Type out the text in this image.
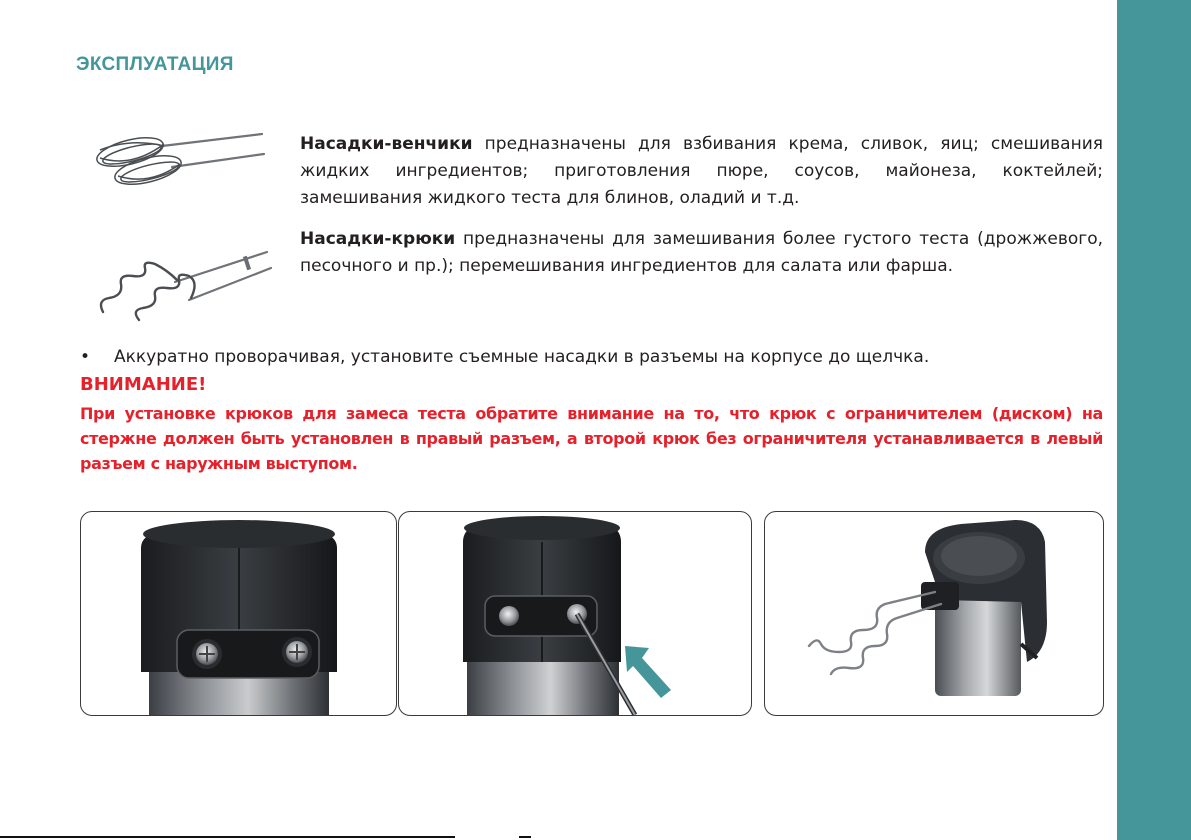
ЭКСПЛУАТАЦИЯ

Насадки-венчики предназначены для взбивания крема, сливок, яиц; смешивания жидких ингредиентов; приготовления пюре, соусов, майонеза, коктейлей; замешивания жидкого теста для блинов, оладий и т.д.

Насадки-крюки предназначены для замешивания более густого теста (дрожжевого, песочного и пр.); перемешивания ингредиентов для салата или фарша.

• Аккуратно проворачивая, установите съемные насадки в разъемы на корпусе до щелчка.

ВНИМАНИЕ!

При установке крюков для замеса теста обратите внимание на то, что крюк с ограничителем (диском) на стержне должен быть установлен в правый разъем, а второй крюк без ограничителя устанавливается в левый разъем с наружным выступом.
